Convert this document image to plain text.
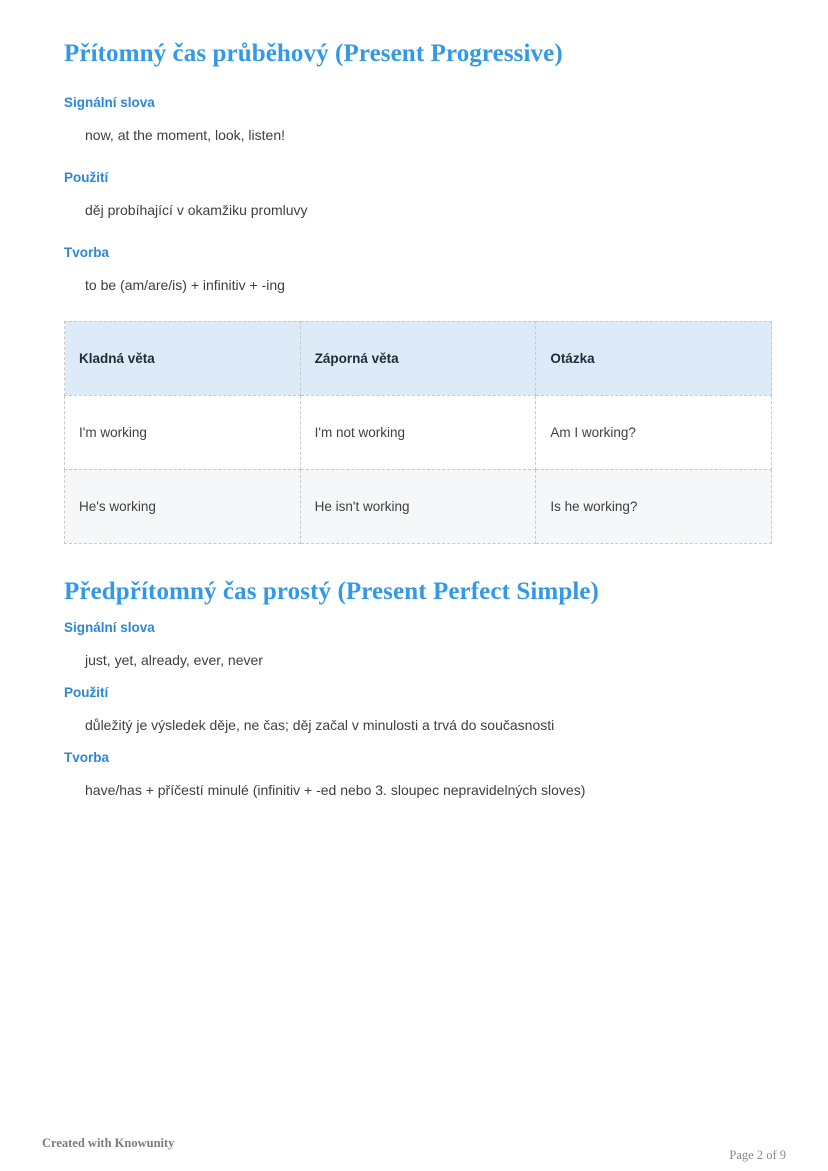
Přítomný čas průběhový (Present Progressive)

Signální slova

now, at the moment, look, listen!

Použití

děj probíhající v okamžiku promluvy

Tvorba

to be (am/are/is) + infinitiv + -ing

Kladná věta	Záporná věta	Otázka
I'm working	I'm not working	Am I working?
He's working	He isn't working	Is he working?
Předpřítomný čas prostý (Present Perfect Simple)

Signální slova

just, yet, already, ever, never

Použití

důležitý je výsledek děje, ne čas; děj začal v minulosti a trvá do současnosti

Tvorba

have/has + příčestí minulé (infinitiv + -ed nebo 3. sloupec nepravidelných sloves)

Created with Knowunity
Page 2 of 9
